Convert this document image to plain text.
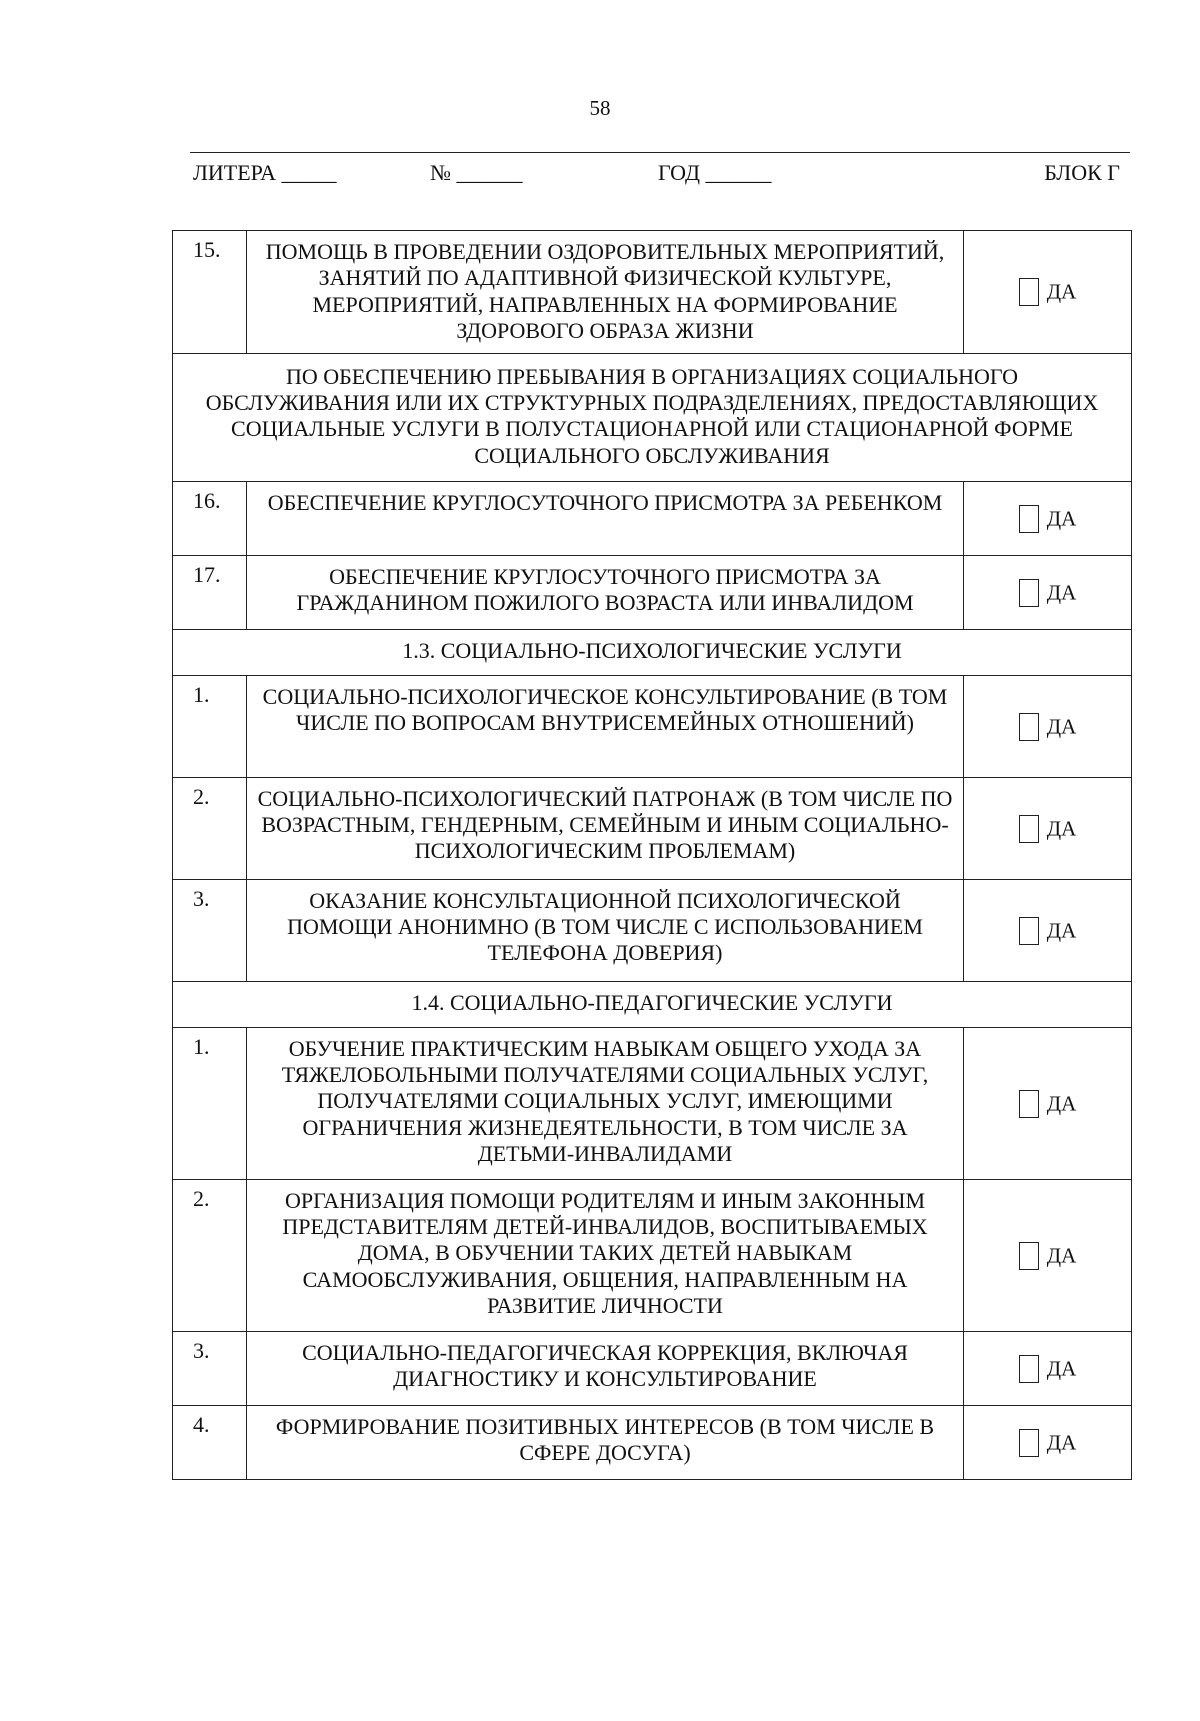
58
ЛИТЕРА _____	№ ______	ГОД ______	БЛОК Г
15.	ПОМОЩЬ В ПРОВЕДЕНИИ ОЗДОРОВИТЕЛЬНЫХ МЕРОПРИЯТИЙ, ЗАНЯТИЙ ПО АДАПТИВНОЙ ФИЗИЧЕСКОЙ КУЛЬТУРЕ, МЕРОПРИЯТИЙ, НАПРАВЛЕННЫХ НА ФОРМИРОВАНИЕ ЗДОРОВОГО ОБРАЗА ЖИЗНИ	ДА
ПО ОБЕСПЕЧЕНИЮ ПРЕБЫВАНИЯ В ОРГАНИЗАЦИЯХ СОЦИАЛЬНОГО ОБСЛУЖИВАНИЯ ИЛИ ИХ СТРУКТУРНЫХ ПОДРАЗДЕЛЕНИЯХ, ПРЕДОСТАВЛЯЮЩИХ СОЦИАЛЬНЫЕ УСЛУГИ В ПОЛУСТАЦИОНАРНОЙ ИЛИ СТАЦИОНАРНОЙ ФОРМЕ СОЦИАЛЬНОГО ОБСЛУЖИВАНИЯ		
16.	ОБЕСПЕЧЕНИЕ КРУГЛОСУТОЧНОГО ПРИСМОТРА ЗА РЕБЕНКОМ	ДА
17.	ОБЕСПЕЧЕНИЕ КРУГЛОСУТОЧНОГО ПРИСМОТРА ЗА ГРАЖДАНИНОМ ПОЖИЛОГО ВОЗРАСТА ИЛИ ИНВАЛИДОМ	ДА
1.3. СОЦИАЛЬНО-ПСИХОЛОГИЧЕСКИЕ УСЛУГИ		
1.	СОЦИАЛЬНО-ПСИХОЛОГИЧЕСКОЕ КОНСУЛЬТИРОВАНИЕ (В ТОМ ЧИСЛЕ ПО ВОПРОСАМ ВНУТРИСЕМЕЙНЫХ ОТНОШЕНИЙ)	ДА
2.	СОЦИАЛЬНО-ПСИХОЛОГИЧЕСКИЙ ПАТРОНАЖ (В ТОМ ЧИСЛЕ ПО ВОЗРАСТНЫМ, ГЕНДЕРНЫМ, СЕМЕЙНЫМ И ИНЫМ СОЦИАЛЬНО-ПСИХОЛОГИЧЕСКИМ ПРОБЛЕМАМ)	ДА
3.	ОКАЗАНИЕ КОНСУЛЬТАЦИОННОЙ ПСИХОЛОГИЧЕСКОЙ ПОМОЩИ АНОНИМНО (В ТОМ ЧИСЛЕ С ИСПОЛЬЗОВАНИЕМ ТЕЛЕФОНА ДОВЕРИЯ)	ДА
1.4. СОЦИАЛЬНО-ПЕДАГОГИЧЕСКИЕ УСЛУГИ		
1.	ОБУЧЕНИЕ ПРАКТИЧЕСКИМ НАВЫКАМ ОБЩЕГО УХОДА ЗА ТЯЖЕЛОБОЛЬНЫМИ ПОЛУЧАТЕЛЯМИ СОЦИАЛЬНЫХ УСЛУГ, ПОЛУЧАТЕЛЯМИ СОЦИАЛЬНЫХ УСЛУГ, ИМЕЮЩИМИ ОГРАНИЧЕНИЯ ЖИЗНЕДЕЯТЕЛЬНОСТИ, В ТОМ ЧИСЛЕ ЗА ДЕТЬМИ-ИНВАЛИДАМИ	ДА
2.	ОРГАНИЗАЦИЯ ПОМОЩИ РОДИТЕЛЯМ И ИНЫМ ЗАКОННЫМ ПРЕДСТАВИТЕЛЯМ ДЕТЕЙ-ИНВАЛИДОВ, ВОСПИТЫВАЕМЫХ ДОМА, В ОБУЧЕНИИ ТАКИХ ДЕТЕЙ НАВЫКАМ САМООБСЛУЖИВАНИЯ, ОБЩЕНИЯ, НАПРАВЛЕННЫМ НА РАЗВИТИЕ ЛИЧНОСТИ	ДА
3.	СОЦИАЛЬНО-ПЕДАГОГИЧЕСКАЯ КОРРЕКЦИЯ, ВКЛЮЧАЯ ДИАГНОСТИКУ И КОНСУЛЬТИРОВАНИЕ	ДА
4.	ФОРМИРОВАНИЕ ПОЗИТИВНЫХ ИНТЕРЕСОВ (В ТОМ ЧИСЛЕ В СФЕРЕ ДОСУГА)	ДА
